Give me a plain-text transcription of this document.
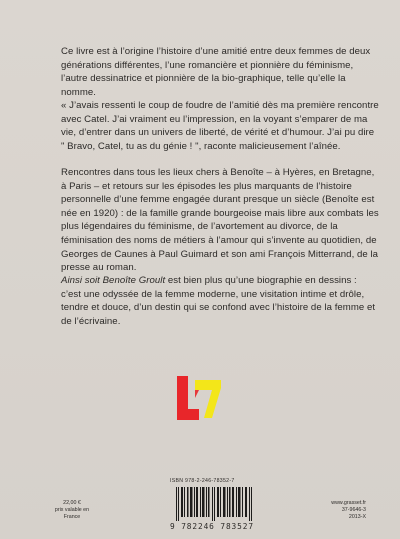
Ce livre est à l’origine l’histoire d’une amitié entre deux femmes de deux générations différentes, l’une romancière et pionnière du féminisme, l’autre dessinatrice et pionnière de la bio-graphique, telle qu’elle la nomme.

« J’avais ressenti le coup de foudre de l’amitié dès ma première rencontre avec Catel. J’ai vraiment eu l’impression, en la voyant s’emparer de ma vie, d’entrer dans un univers de liberté, de vérité et d’humour. J’ai pu dire " Bravo, Catel, tu as du génie ! ", raconte malicieusement l’aînée.

Rencontres dans tous les lieux chers à Benoîte – à Hyères, en Bretagne, à Paris – et retours sur les épisodes les plus marquants de l’histoire personnelle d’une femme engagée durant presque un siècle (Benoîte est née en 1920) : de la famille grande bourgeoise mais libre aux combats les plus légendaires du féminisme, de l’avortement au divorce, de la féminisation des noms de métiers à l’amour qui s’invente au quotidien, de Georges de Caunes à Paul Guimard et son ami François Mitterrand, de la presse au roman.

Ainsi soit Benoîte Groult est bien plus qu’une biographie en dessins : c’est une odyssée de la femme moderne, une visitation intime et drôle, tendre et douce, d’un destin qui se confond avec l’histoire de la femme et de l’écrivaine.

22,00 €
prix valable en
France
ISBN 978-2-246-78352-7
9 782246 783527
www.grasset.fr
37-9646-3
2013-X
